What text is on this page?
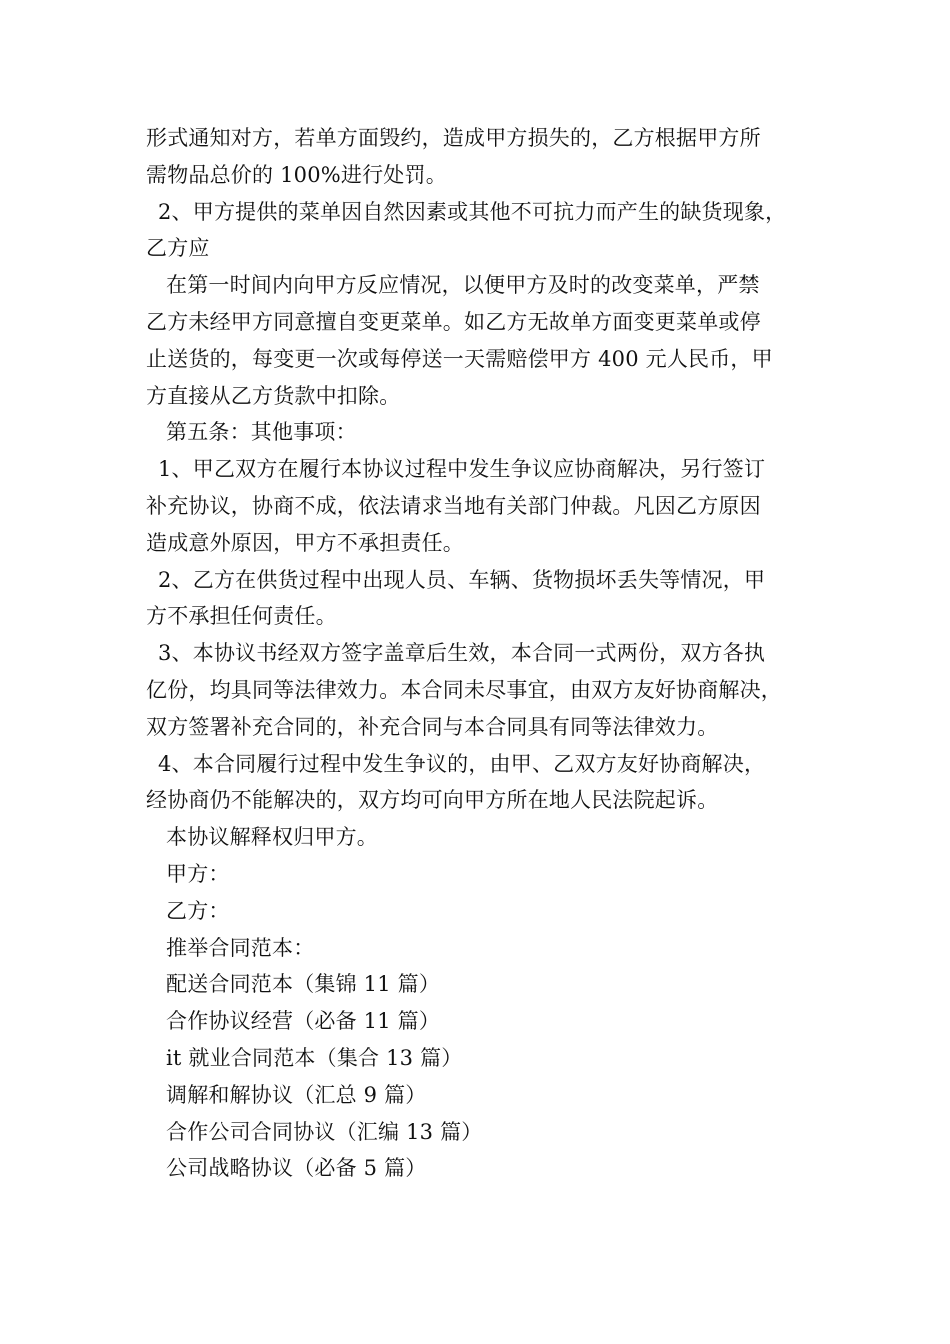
形式通知对方，若单方面毁约，造成甲方损失的，乙方根据甲方所
需物品总价的 100%进行处罚。
2、甲方提供的菜单因自然因素或其他不可抗力而产生的缺货现象，
乙方应
在第一时间内向甲方反应情况，以便甲方及时的改变菜单，严禁
乙方未经甲方同意擅自变更菜单。如乙方无故单方面变更菜单或停
止送货的，每变更一次或每停送一天需赔偿甲方 400 元人民币，甲
方直接从乙方货款中扣除。
第五条：其他事项：
1、甲乙双方在履行本协议过程中发生争议应协商解决，另行签订
补充协议，协商不成，依法请求当地有关部门仲裁。凡因乙方原因
造成意外原因，甲方不承担责任。
2、乙方在供货过程中出现人员、车辆、货物损坏丢失等情况，甲
方不承担任何责任。
3、本协议书经双方签字盖章后生效，本合同一式两份，双方各执
亿份，均具同等法律效力。本合同未尽事宜，由双方友好协商解决，
双方签署补充合同的，补充合同与本合同具有同等法律效力。
4、本合同履行过程中发生争议的，由甲、乙双方友好协商解决，
经协商仍不能解决的，双方均可向甲方所在地人民法院起诉。
本协议解释权归甲方。
甲方：
乙方：
推举合同范本：
配送合同范本（集锦 11 篇）
合作协议经营（必备 11 篇）
it 就业合同范本（集合 13 篇）
调解和解协议（汇总 9 篇）
合作公司合同协议（汇编 13 篇）
公司战略协议（必备 5 篇）
